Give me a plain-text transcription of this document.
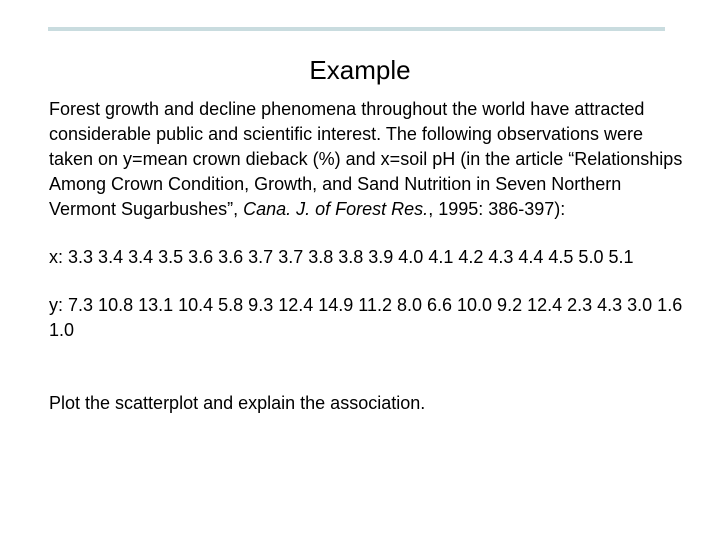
Example

Forest growth and decline phenomena throughout the world have attracted considerable public and scientific interest. The following observations were taken on y=mean crown dieback (%) and x=soil pH (in the article “Relationships Among Crown Condition, Growth, and Sand Nutrition in Seven Northern Vermont Sugarbushes”, Cana. J. of Forest Res., 1995: 386-397):

x: 3.3 3.4 3.4 3.5 3.6 3.6 3.7 3.7 3.8 3.8 3.9 4.0 4.1 4.2 4.3 4.4 4.5 5.0 5.1

y: 7.3 10.8 13.1 10.4 5.8 9.3 12.4 14.9 11.2 8.0 6.6 10.0 9.2 12.4 2.3 4.3 3.0 1.6 1.0

Plot the scatterplot and explain the association.
